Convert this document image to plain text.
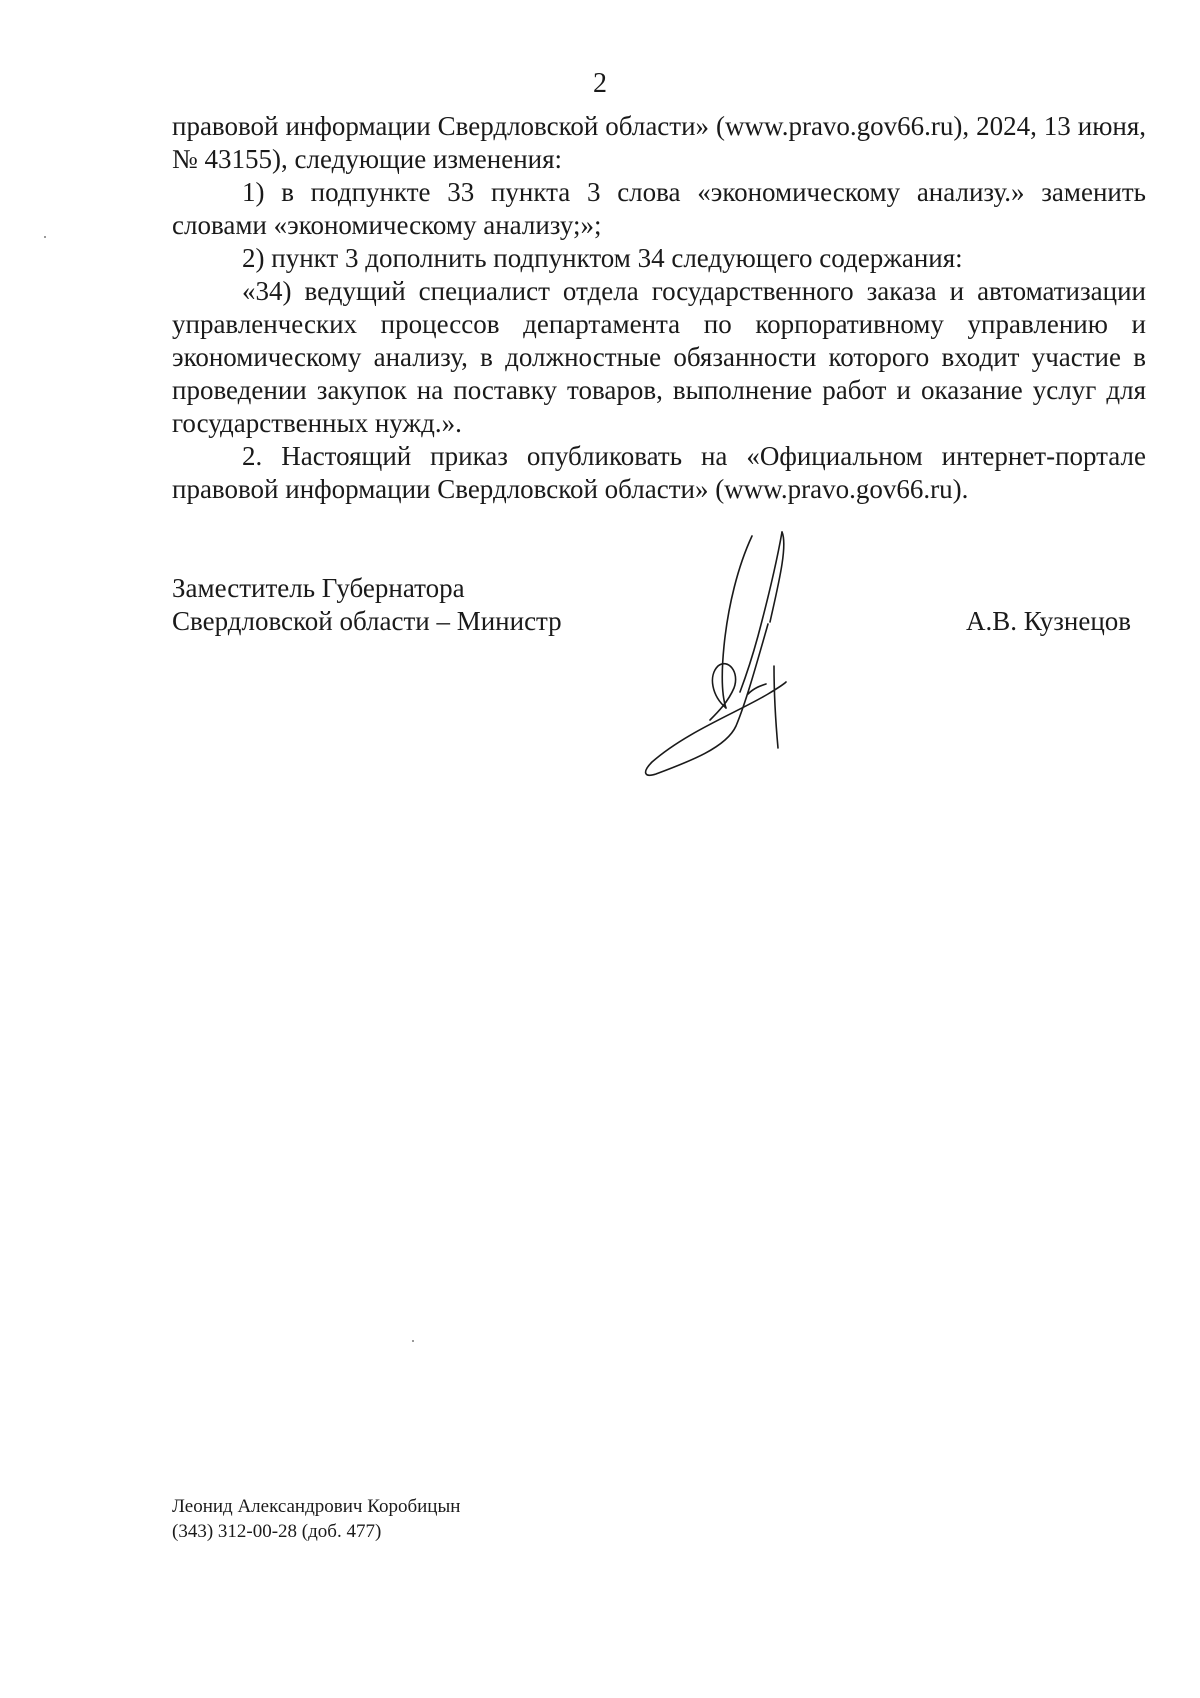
2

правовой информации Свердловской области» (www.pravo.gov66.ru), 2024, 13 июня, № 43155), следующие изменения:

1) в подпункте 33 пункта 3 слова «экономическому анализу.» заменить словами «экономическому анализу;»;

2) пункт 3 дополнить подпунктом 34 следующего содержания:

«34) ведущий специалист отдела государственного заказа и автоматизации управленческих процессов департамента по корпоративному управлению и экономическому анализу, в должностные обязанности которого входит участие в проведении закупок на поставку товаров, выполнение работ и оказание услуг для государственных нужд.».

2. Настоящий приказ опубликовать на «Официальном интернет-портале правовой информации Свердловской области» (www.pravo.gov66.ru).

Заместитель Губернатора
Свердловской области – Министр	А.В. Кузнецов
Леонид Александрович Коробицын
(343) 312-00-28 (доб. 477)
